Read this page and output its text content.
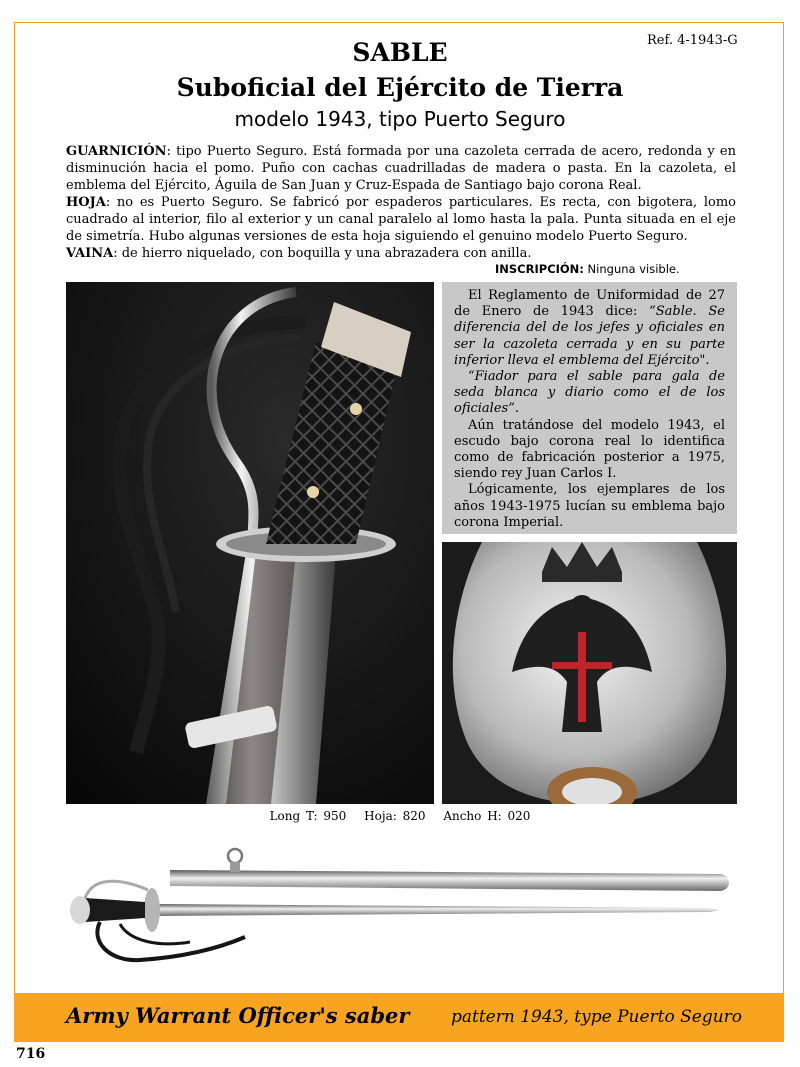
Ref. 4-1943-G
SABLE
Suboficial del Ejército de Tierra
modelo 1943, tipo Puerto Seguro

GUARNICIÓN: tipo Puerto Seguro. Está formada por una cazoleta cerrada de acero, redonda y en disminución hacia el pomo. Puño con cachas cuadrilladas de madera o pasta. En la cazoleta, el emblema del Ejército, Águila de San Juan y Cruz-Espada de Santiago bajo corona Real.

HOJA: no es Puerto Seguro. Se fabricó por espaderos particulares. Es recta, con bigotera, lomo cuadrado al interior, filo al exterior y un canal paralelo al lomo hasta la pala. Punta situada en el eje de simetría. Hubo algunas versiones de esta hoja siguiendo el genuino modelo Puerto Seguro.

VAINA: de hierro niquelado, con boquilla y una abrazadera con anilla.

INSCRIPCIÓN: Ninguna visible.

El Reglamento de Uniformidad de 27 de Enero de 1943 dice: “Sable. Se diferencia del de los jefes y oficiales en ser la cazoleta cerrada y en su parte inferior lleva el emblema del Ejército".

“Fiador para el sable para gala de seda blanca y diario como el de los oficiales”.

Aún tratándose del modelo 1943, el escudo bajo corona real lo identifica como de fabricación posterior a 1975, siendo rey Juan Carlos I.

Lógicamente, los ejemplares de los años 1943-1975 lucían su emblema bajo corona Imperial.

Long T: 950 Hoja: 820 Ancho H: 020
Army Warrant Officer's saber pattern 1943, type Puerto Seguro
716
